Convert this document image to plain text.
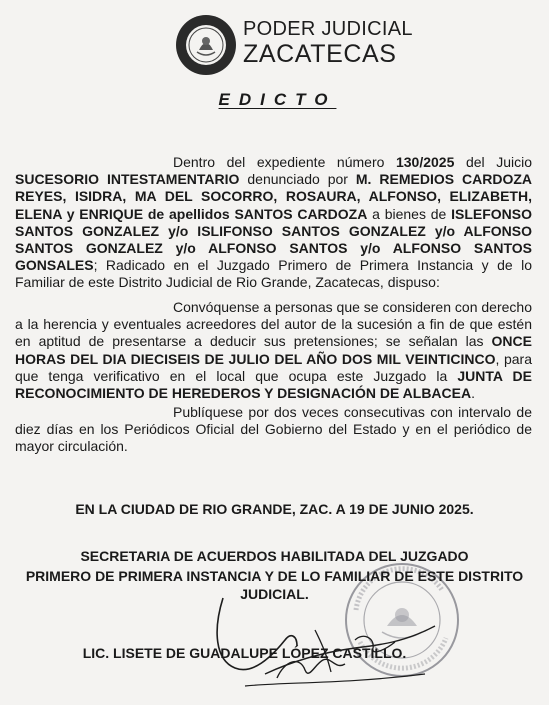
PODER JUDICIAL
ZACATECAS
EDICTO

Dentro del expediente número 130/2025 del Juicio SUCESORIO INTESTAMENTARIO denunciado por M. REMEDIOS CARDOZA REYES, ISIDRA, MA DEL SOCORRO, ROSAURA, ALFONSO, ELIZABETH, ELENA y ENRIQUE de apellidos SANTOS CARDOZA a bienes de ISLEFONSO SANTOS GONZALEZ y/o ISLIFONSO SANTOS GONZALEZ y/o ALFONSO SANTOS GONZALEZ y/o ALFONSO SANTOS y/o ALFONSO SANTOS GONSALES; Radicado en el Juzgado Primero de Primera Instancia y de lo Familiar de este Distrito Judicial de Rio Grande, Zacatecas, dispuso:

Convóquense a personas que se consideren con derecho a la herencia y eventuales acreedores del autor de la sucesión a fin de que estén en aptitud de presentarse a deducir sus pretensiones; se señalan las ONCE HORAS DEL DIA DIECISEIS DE JULIO DEL AÑO DOS MIL VEINTICINCO, para que tenga verificativo en el local que ocupa este Juzgado la JUNTA DE RECONOCIMIENTO DE HEREDEROS Y DESIGNACIÓN DE ALBACEA.

Publíquese por dos veces consecutivas con intervalo de diez días en los Periódicos Oficial del Gobierno del Estado y en el periódico de mayor circulación.

EN LA CIUDAD DE RIO GRANDE, ZAC. A 19 DE JUNIO 2025.
SECRETARIA DE ACUERDOS HABILITADA DEL JUZGADO
PRIMERO DE PRIMERA INSTANCIA Y DE LO FAMILIAR DE ESTE DISTRITO
JUDICIAL.
LIC. LISETE DE GUADALUPE LÓPEZ CASTILLO.
